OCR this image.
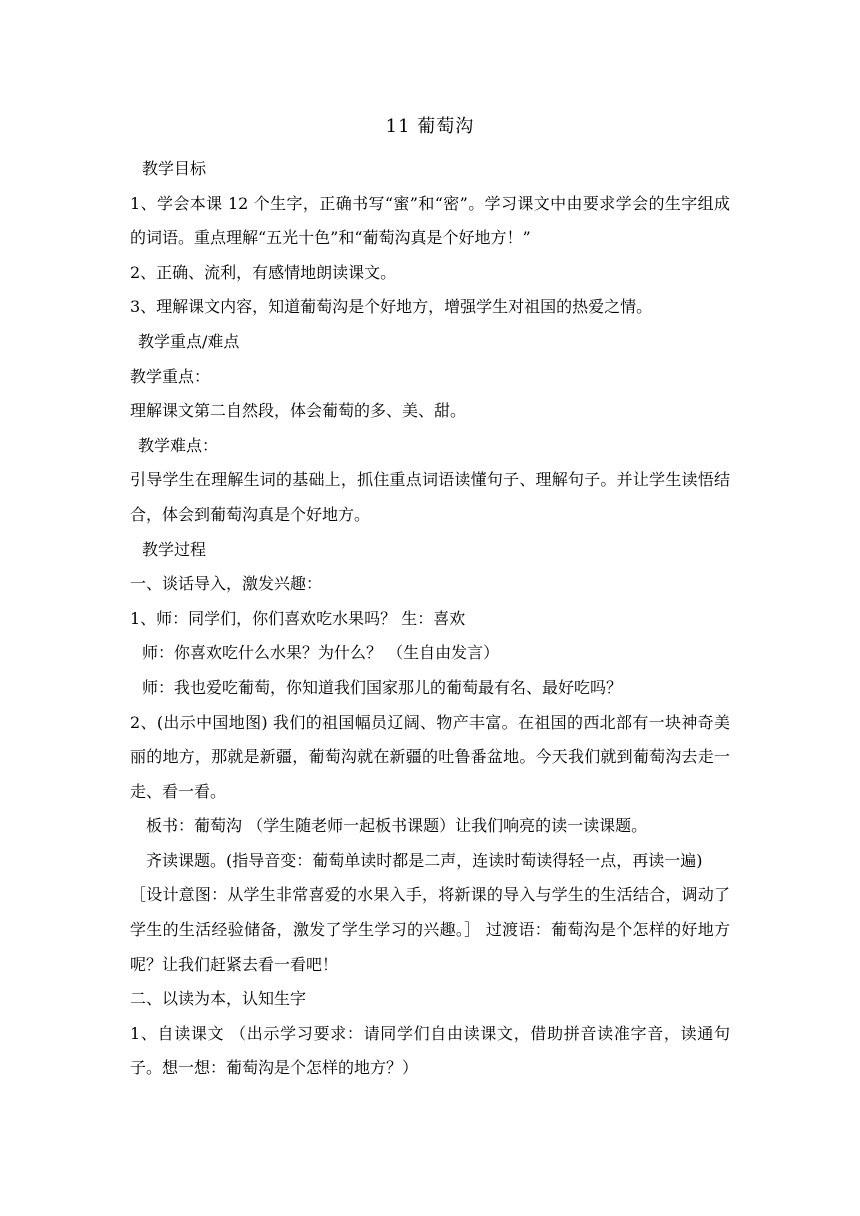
11 葡萄沟

教学目标

1、学会本课 12 个生字，正确书写“蜜”和“密”。学习课文中由要求学会的生字组成的词语。重点理解“五光十色”和“葡萄沟真是个好地方！”

2、正确、流利，有感情地朗读课文。

3、理解课文内容，知道葡萄沟是个好地方，增强学生对祖国的热爱之情。

教学重点/难点

教学重点：

理解课文第二自然段，体会葡萄的多、美、甜。

教学难点：

引导学生在理解生词的基础上，抓住重点词语读懂句子、理解句子。并让学生读悟结合，体会到葡萄沟真是个好地方。

教学过程

一、谈话导入，激发兴趣：

1、师：同学们，你们喜欢吃水果吗？ 生：喜欢

师：你喜欢吃什么水果？为什么？ （生自由发言）

师：我也爱吃葡萄，你知道我们国家那儿的葡萄最有名、最好吃吗？

2、(出示中国地图) 我们的祖国幅员辽阔、物产丰富。在祖国的西北部有一块神奇美丽的地方，那就是新疆，葡萄沟就在新疆的吐鲁番盆地。今天我们就到葡萄沟去走一走、看一看。

板书：葡萄沟 （学生随老师一起板书课题）让我们响亮的读一读课题。

齐读课题。(指导音变：葡萄单读时都是二声，连读时萄读得轻一点，再读一遍)

［设计意图：从学生非常喜爱的水果入手，将新课的导入与学生的生活结合，调动了学生的生活经验储备，激发了学生学习的兴趣。］ 过渡语：葡萄沟是个怎样的好地方呢？让我们赶紧去看一看吧！

二、以读为本，认知生字

1、自读课文 （出示学习要求：请同学们自由读课文，借助拼音读准字音，读通句子。想一想：葡萄沟是个怎样的地方？）
